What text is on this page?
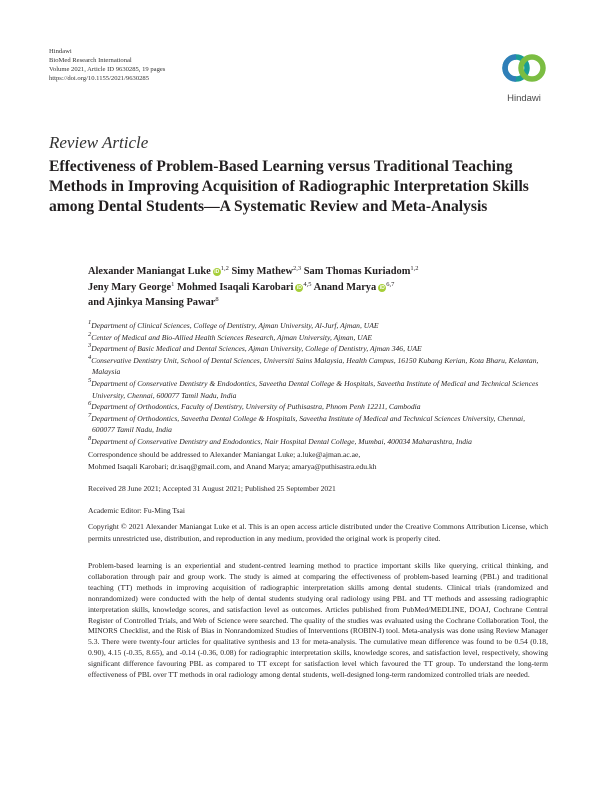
Hindawi
BioMed Research International
Volume 2021, Article ID 9630285, 19 pages
https://doi.org/10.1155/2021/9630285
Hindawi
Review Article
Effectiveness of Problem-Based Learning versus Traditional Teaching Methods in Improving Acquisition of Radiographic Interpretation Skills among Dental Students—A Systematic Review and Meta-Analysis
Alexander Maniangat Luke iD $^{1,2}$ Simy Mathew$^{2,3}$ Sam Thomas Kuriadom$^{1,2}$
Jeny Mary George$^1$ Mohmed Isaqali Karobari iD $^{4,5}$ Anand Marya iD $^{6,7}$
and Ajinkya Mansing Pawar$^8$
$^1$Department of Clinical Sciences, College of Dentistry, Ajman University, Al-Jurf, Ajman, UAE
$^2$Center of Medical and Bio-Allied Health Sciences Research, Ajman University, Ajman, UAE
$^3$Department of Basic Medical and Dental Sciences, Ajman University, College of Dentistry, Ajman 346, UAE
$^4$Conservative Dentistry Unit, School of Dental Sciences, Universiti Sains Malaysia, Health Campus, 16150 Kubang Kerian, Kota Bharu, Kelantan, Malaysia
$^5$Department of Conservative Dentistry & Endodontics, Saveetha Dental College & Hospitals, Saveetha Institute of Medical and Technical Sciences University, Chennai, 600077 Tamil Nadu, India
$^6$Department of Orthodontics, Faculty of Dentistry, University of Puthisastra, Phnom Penh 12211, Cambodia
$^7$Department of Orthodontics, Saveetha Dental College & Hospitals, Saveetha Institute of Medical and Technical Sciences University, Chennai, 600077 Tamil Nadu, India
$^8$Department of Conservative Dentistry and Endodontics, Nair Hospital Dental College, Mumbai, 400034 Maharashtra, India
Correspondence should be addressed to Alexander Maniangat Luke; a.luke@ajman.ac.ae,
Mohmed Isaqali Karobari; dr.isaq@gmail.com, and Anand Marya; amarya@puthisastra.edu.kh
Received 28 June 2021; Accepted 31 August 2021; Published 25 September 2021
Academic Editor: Fu-Ming Tsai
Copyright © 2021 Alexander Maniangat Luke et al. This is an open access article distributed under the Creative Commons Attribution License, which permits unrestricted use, distribution, and reproduction in any medium, provided the original work is properly cited.
Problem-based learning is an experiential and student-centred learning method to practice important skills like querying, critical thinking, and collaboration through pair and group work. The study is aimed at comparing the effectiveness of problem-based learning (PBL) and traditional teaching (TT) methods in improving acquisition of radiographic interpretation skills among dental students. Clinical trials (randomized and nonrandomized) were conducted with the help of dental students studying oral radiology using PBL and TT methods and assessing radiographic interpretation skills, knowledge scores, and satisfaction level as outcomes. Articles published from PubMed/MEDLINE, DOAJ, Cochrane Central Register of Controlled Trials, and Web of Science were searched. The quality of the studies was evaluated using the Cochrane Collaboration Tool, the MINORS Checklist, and the Risk of Bias in Nonrandomized Studies of Interventions (ROBIN-I) tool. Meta-analysis was done using Review Manager 5.3. There were twenty-four articles for qualitative synthesis and 13 for meta-analysis. The cumulative mean difference was found to be 0.54 (0.18, 0.90), 4.15 (-0.35, 8.65), and -0.14 (-0.36, 0.08) for radiographic interpretation skills, knowledge scores, and satisfaction level, respectively, showing significant difference favouring PBL as compared to TT except for satisfaction level which favoured the TT group. To understand the long-term effectiveness of PBL over TT methods in oral radiology among dental students, well-designed long-term randomized controlled trials are needed.
